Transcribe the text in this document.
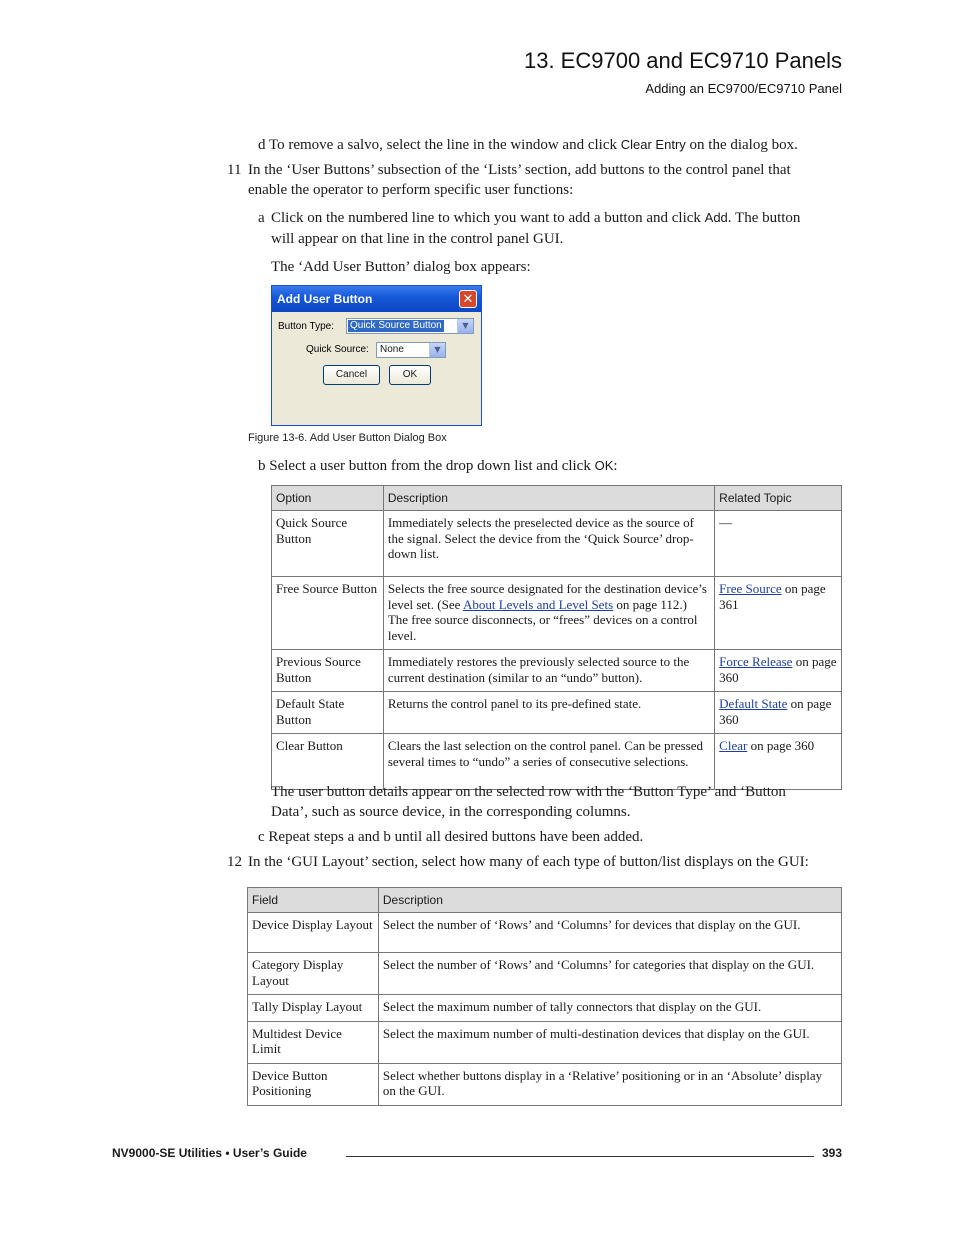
13. EC9700 and EC9710 Panels
Adding an EC9700/EC9710 Panel
d To remove a salvo, select the line in the window and click Clear Entry on the dialog box.
11 In the ‘User Buttons’ subsection of the ‘Lists’ section, add buttons to the control panel that
enable the operator to perform specific user functions:
a Click on the numbered line to which you want to add a button and click Add. The button
will appear on that line in the control panel GUI.
The ‘Add User Button’ dialog box appears:
Add User Button	✕
Button Type: Quick Source Button	▼
Quick Source: None	▼
Cancel	OK
Figure 13-6. Add User Button Dialog Box
b Select a user button from the drop down list and click OK:
Option	Description	Related Topic
Quick Source Button	Immediately selects the preselected device as the source of the signal. Select the device from the ‘Quick Source’ drop-down list.	—
Free Source Button	Selects the free source designated for the destination device’s level set. (See About Levels and Level Sets on page 112.) The free source disconnects, or “frees” devices on a control level.	Free Source on page 361
Previous Source Button	Immediately restores the previously selected source to the current destination (similar to an “undo” button).	Force Release on page 360
Default State Button	Returns the control panel to its pre-defined state.	Default State on page 360
Clear Button	Clears the last selection on the control panel. Can be pressed several times to “undo” a series of consecutive selections.	Clear on page 360
The user button details appear on the selected row with the ‘Button Type’ and ‘Button
Data’, such as source device, in the corresponding columns.
c Repeat steps a and b until all desired buttons have been added.
12 In the ‘GUI Layout’ section, select how many of each type of button/list displays on the GUI:
Field	Description
Device Display Layout	Select the number of ‘Rows’ and ‘Columns’ for devices that display on the GUI.
Category Display Layout	Select the number of ‘Rows’ and ‘Columns’ for categories that display on the GUI.
Tally Display Layout	Select the maximum number of tally connectors that display on the GUI.
Multidest Device Limit	Select the maximum number of multi-destination devices that display on the GUI.
Device Button Positioning	Select whether buttons display in a ‘Relative’ positioning or in an ‘Absolute’ display on the GUI.
NV9000-SE Utilities • User’s Guide	393
